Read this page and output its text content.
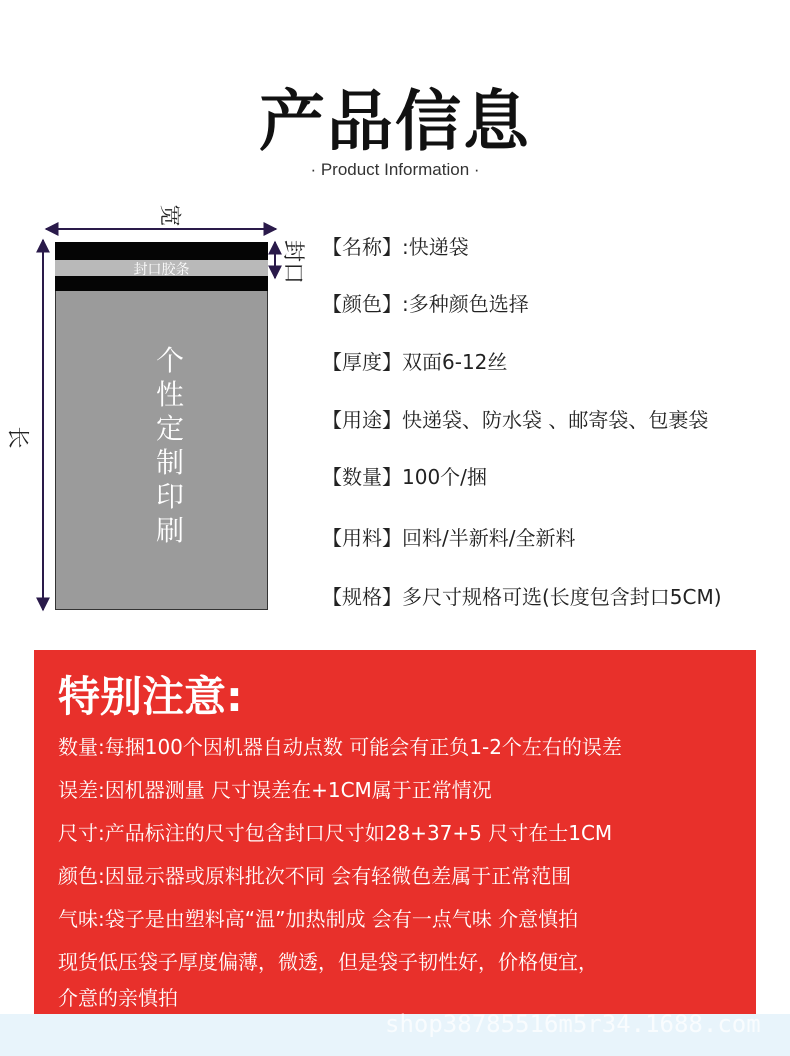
产品信息
· Product Information ·
封口胶条
个性定制印刷
宽
长
封口 【名称】:快递袋
【颜色】:多种颜色选择
【厚度】双面6-12丝
【用途】快递袋、防水袋 、邮寄袋、包裹袋
【数量】100个/捆
【用料】回料/半新料/全新料
【规格】多尺寸规格可选(长度包含封口5CM)
特别注意:
数量:每捆100个因机器自动点数 可能会有正负1-2个左右的误差
误差:因机器测量 尺寸误差在+1CM属于正常情况
尺寸:产品标注的尺寸包含封口尺寸如28+37+5 尺寸在士1CM
颜色:因显示器或原料批次不同 会有轻微色差属于正常范围
气味:袋子是由塑料高“温”加热制成 会有一点气味 介意慎拍
现货低压袋子厚度偏薄，微透，但是袋子韧性好，价格便宜，
介意的亲慎拍
shop38785516m5r34.1688.com
